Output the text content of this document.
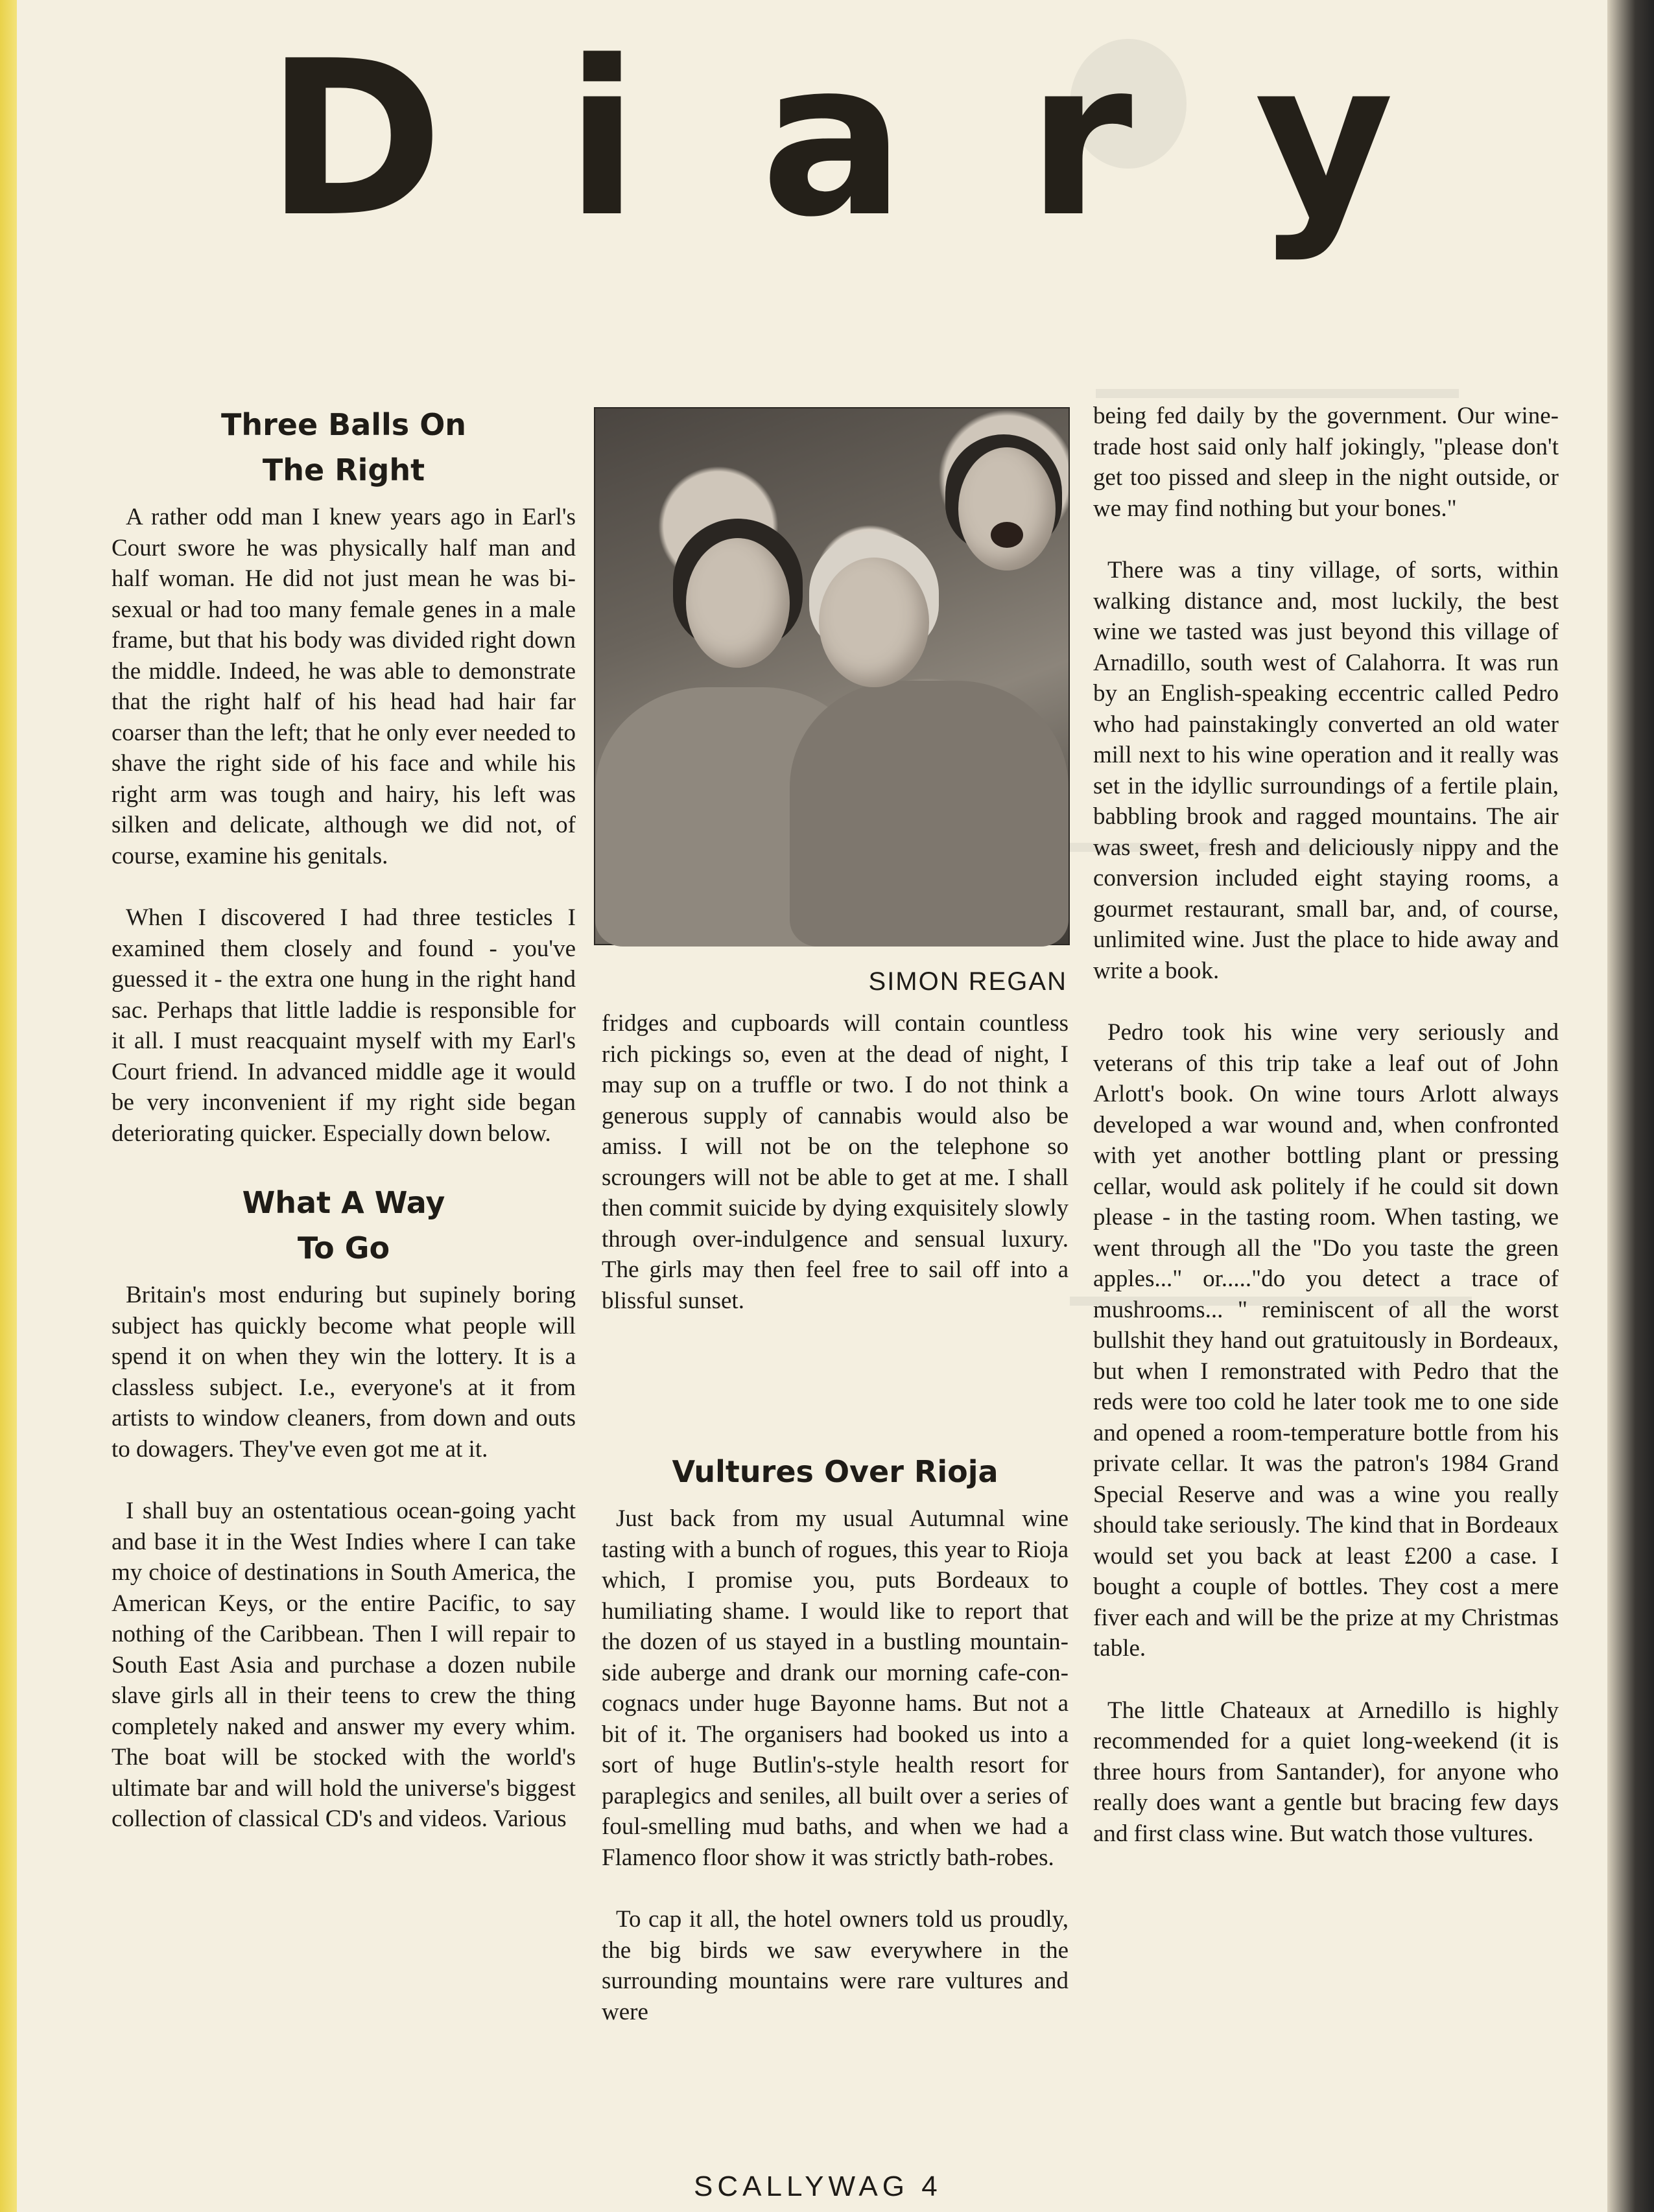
D i a r y
Three Balls On
The Right

A rather odd man I knew years ago in Earl's Court swore he was physically half man and half woman. He did not just mean he was bi-sexual or had too many female genes in a male frame, but that his body was divided right down the middle. Indeed, he was able to demonstrate that the right half of his head had hair far coarser than the left; that he only ever needed to shave the right side of his face and while his right arm was tough and hairy, his left was silken and delicate, although we did not, of course, examine his genitals.

When I discovered I had three testicles I examined them closely and found - you've guessed it - the extra one hung in the right hand sac. Perhaps that little laddie is responsible for it all. I must reacquaint myself with my Earl's Court friend. In advanced middle age it would be very inconvenient if my right side began deteriorating quicker. Especially down below.

What A Way
To Go

Britain's most enduring but supinely boring subject has quickly become what people will spend it on when they win the lottery. It is a classless subject. I.e., everyone's at it from artists to window cleaners, from down and outs to dowagers. They've even got me at it.

I shall buy an ostentatious ocean-going yacht and base it in the West Indies where I can take my choice of destinations in South America, the American Keys, or the entire Pacific, to say nothing of the Caribbean. Then I will repair to South East Asia and purchase a dozen nubile slave girls all in their teens to crew the thing completely naked and answer my every whim. The boat will be stocked with the world's ultimate bar and will hold the universe's biggest collection of classical CD's and videos. Various

SIMON REGAN

fridges and cupboards will contain countless rich pickings so, even at the dead of night, I may sup on a truffle or two. I do not think a generous supply of cannabis would also be amiss. I will not be on the telephone so scroungers will not be able to get at me. I shall then commit suicide by dying exquisitely slowly through over-indulgence and sensual luxury. The girls may then feel free to sail off into a blissful sunset.

Vultures Over Rioja

Just back from my usual Autumnal wine tasting with a bunch of rogues, this year to Rioja which, I promise you, puts Bordeaux to humiliating shame. I would like to report that the dozen of us stayed in a bustling mountain-side auberge and drank our morning cafe-con-cognacs under huge Bayonne hams. But not a bit of it. The organisers had booked us into a sort of huge Butlin's-style health resort for paraplegics and seniles, all built over a series of foul-smelling mud baths, and when we had a Flamenco floor show it was strictly bath-robes.

To cap it all, the hotel owners told us proudly, the big birds we saw everywhere in the surrounding mountains were rare vultures and were

being fed daily by the government. Our wine-trade host said only half jokingly, "please don't get too pissed and sleep in the night outside, or we may find nothing but your bones."

There was a tiny village, of sorts, within walking distance and, most luckily, the best wine we tasted was just beyond this village of Arnadillo, south west of Calahorra. It was run by an English-speaking eccentric called Pedro who had painstakingly converted an old water mill next to his wine operation and it really was set in the idyllic surroundings of a fertile plain, babbling brook and ragged mountains. The air was sweet, fresh and deliciously nippy and the conversion included eight staying rooms, a gourmet restaurant, small bar, and, of course, unlimited wine. Just the place to hide away and write a book.

Pedro took his wine very seriously and veterans of this trip take a leaf out of John Arlott's book. On wine tours Arlott always developed a war wound and, when confronted with yet another bottling plant or pressing cellar, would ask politely if he could sit down please - in the tasting room. When tasting, we went through all the "Do you taste the green apples..." or....."do you detect a trace of mushrooms... " reminiscent of all the worst bullshit they hand out gratuitously in Bordeaux, but when I remonstrated with Pedro that the reds were too cold he later took me to one side and opened a room-temperature bottle from his private cellar. It was the patron's 1984 Grand Special Reserve and was a wine you really should take seriously. The kind that in Bordeaux would set you back at least £200 a case. I bought a couple of bottles. They cost a mere fiver each and will be the prize at my Christmas table.

The little Chateaux at Arnedillo is highly recommended for a quiet long-weekend (it is three hours from Santander), for anyone who really does want a gentle but bracing few days and first class wine. But watch those vultures.

SCALLYWAG 4
